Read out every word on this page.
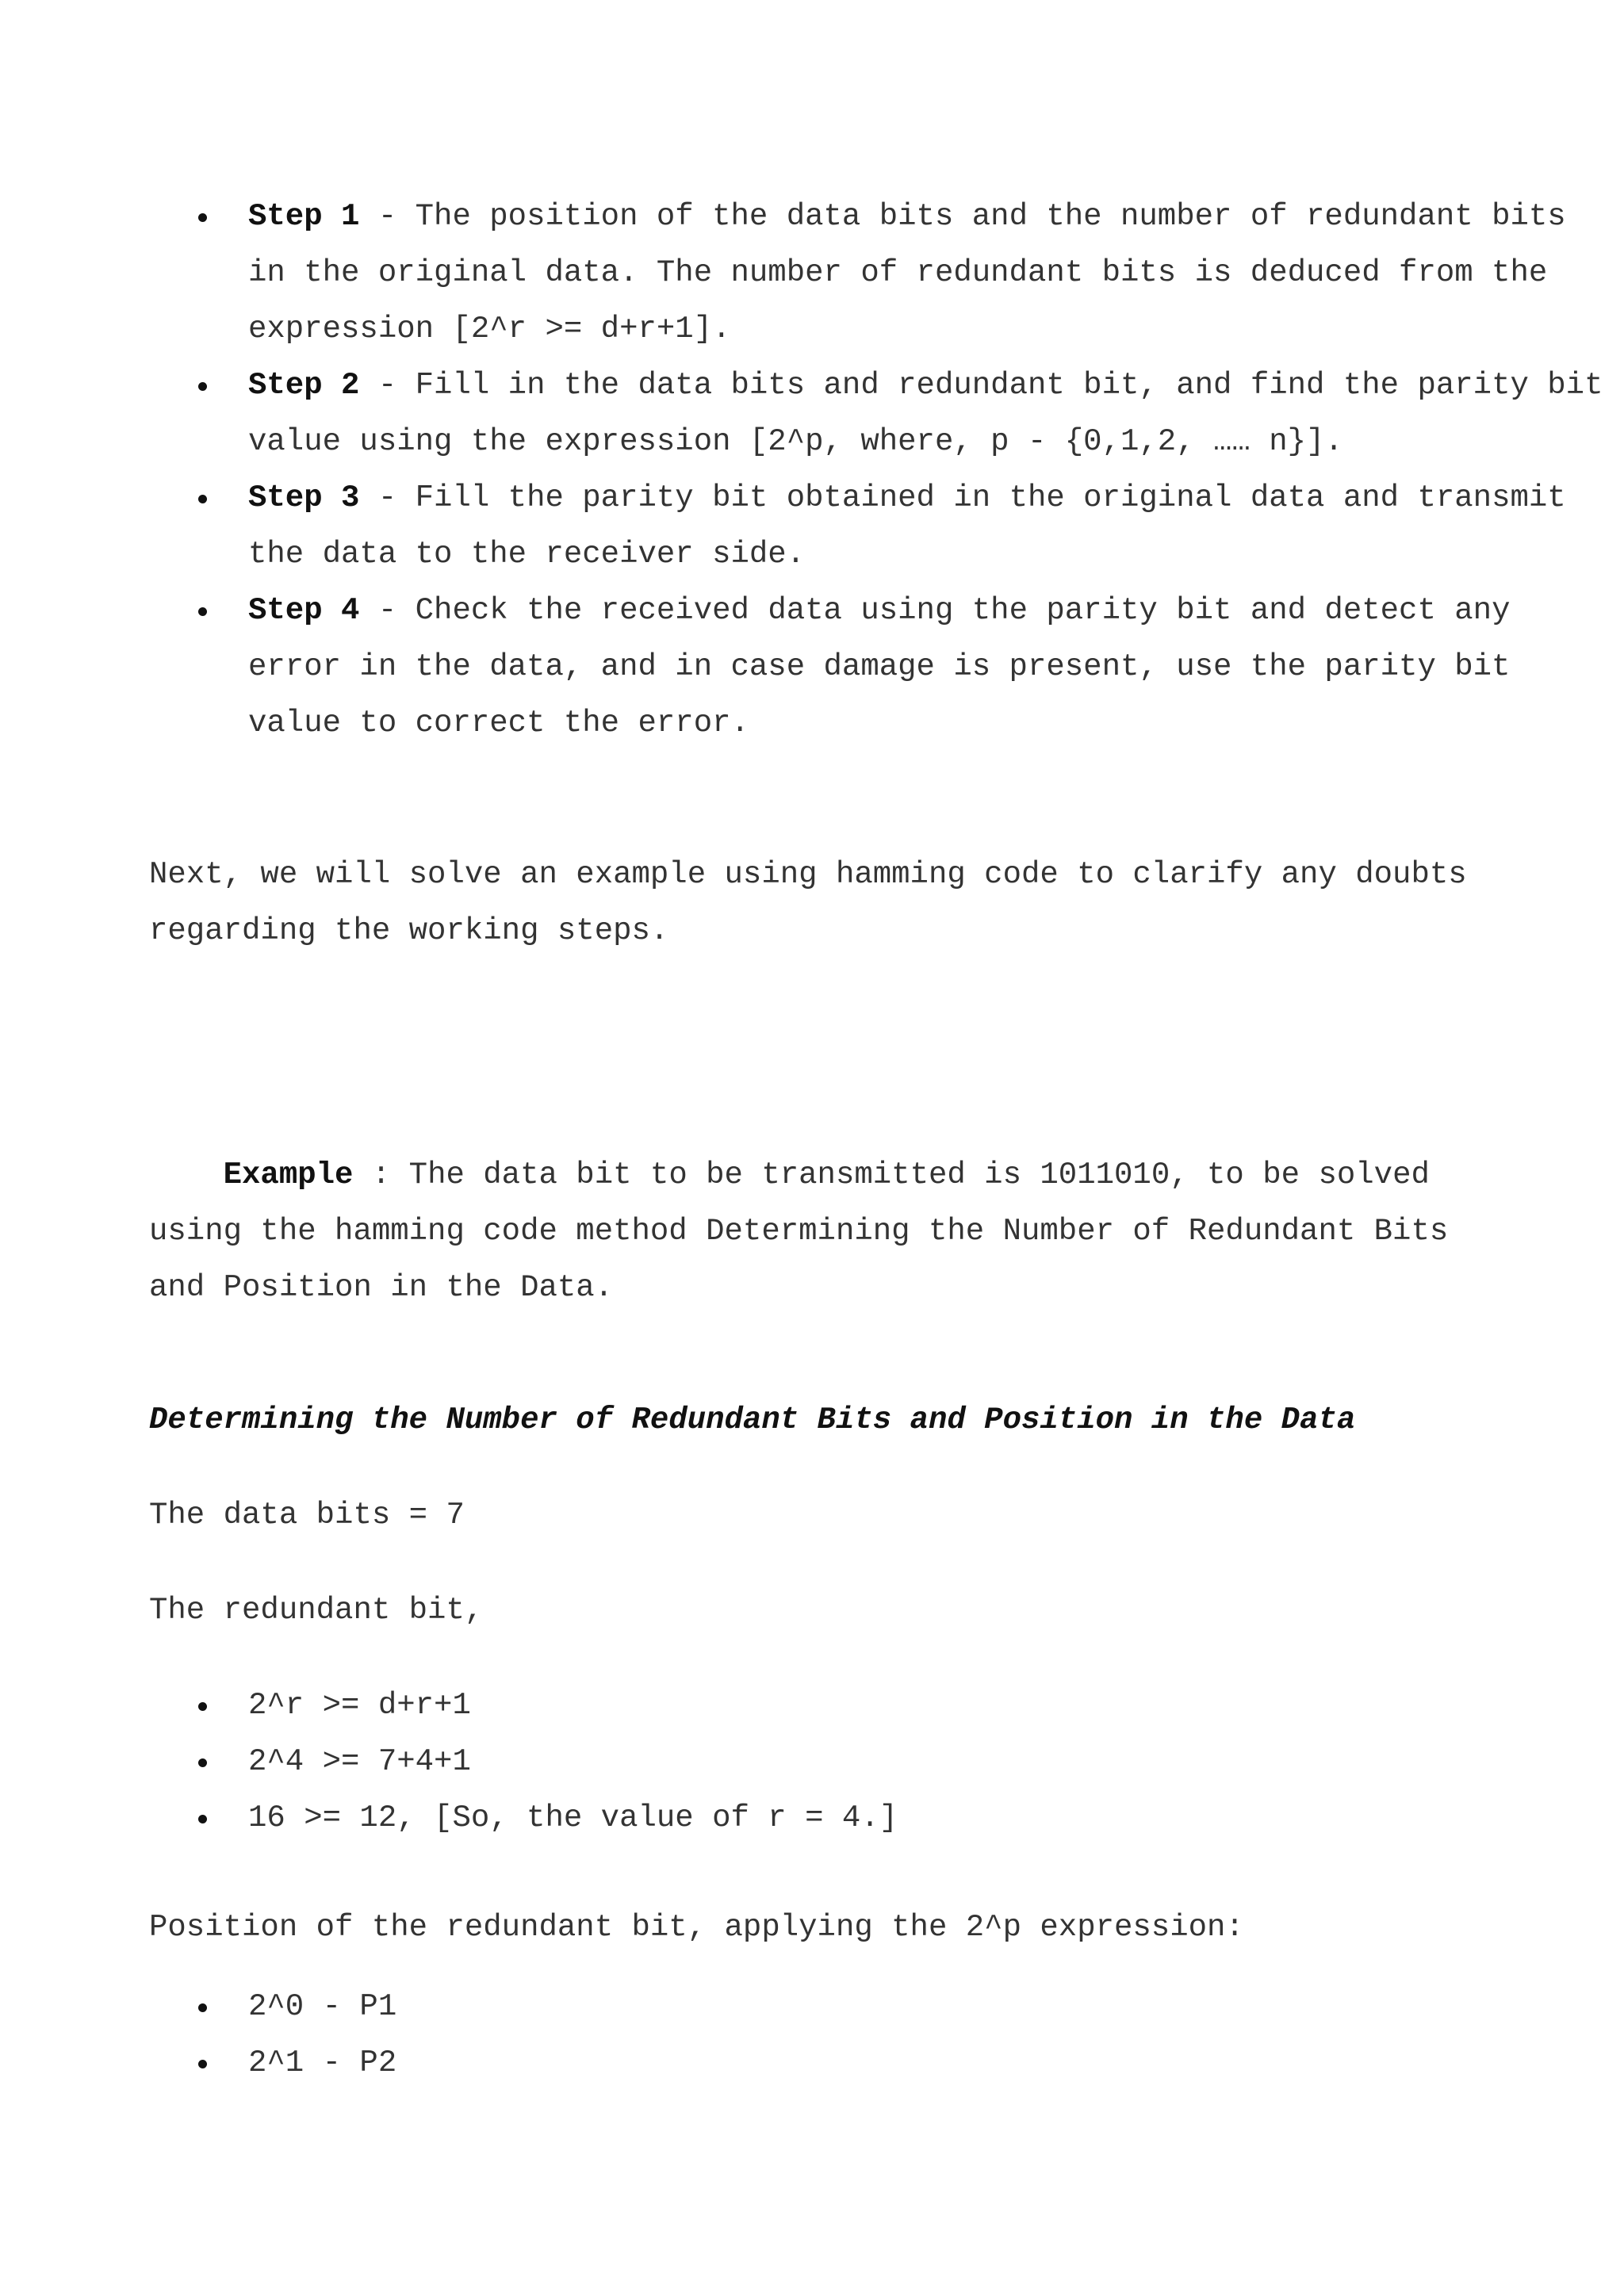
Step 1 - The position of the data bits and the number of redundant bits in the original data. The number of redundant bits is deduced from the expression [2^r >= d+r+1].
Step 2 - Fill in the data bits and redundant bit, and find the parity bit value using the expression [2^p, where, p - {0,1,2, …… n}].
Step 3 - Fill the parity bit obtained in the original data and transmit the data to the receiver side.
Step 4 - Check the received data using the parity bit and detect any error in the data, and in case damage is present, use the parity bit value to correct the error.
Next, we will solve an example using hamming code to clarify any doubts regarding the working steps.

Example : The data bit to be transmitted is 1011010, to be solved using the hamming code method Determining the Number of Redundant Bits and Position in the Data.

Determining the Number of Redundant Bits and Position in the Data
The data bits = 7
The redundant bit,
2^r >= d+r+1
2^4 >= 7+4+1
16 >= 12, [So, the value of r = 4.]
Position of the redundant bit, applying the 2^p expression:
2^0 - P1
2^1 - P2
